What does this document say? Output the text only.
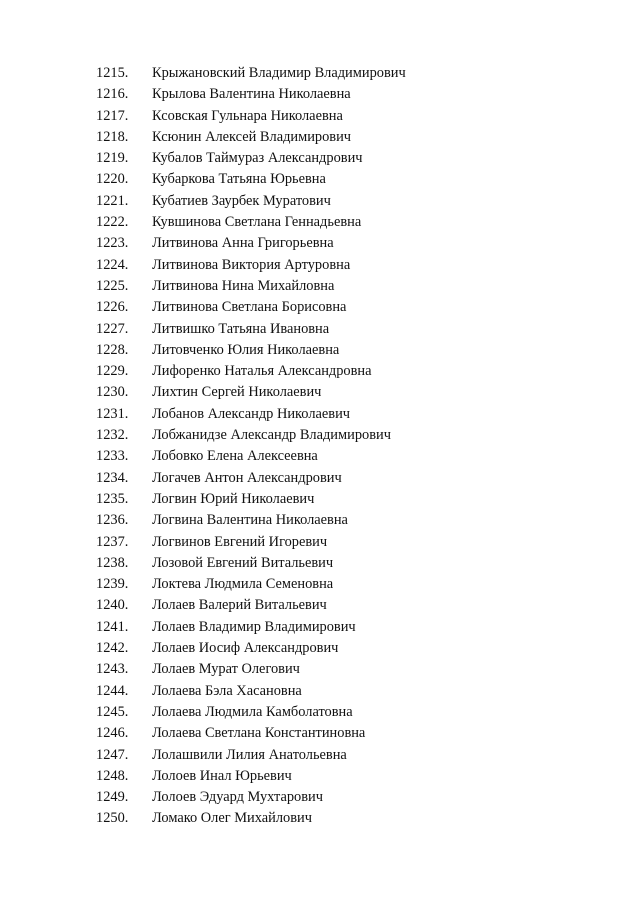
1215. Крыжановский Владимир Владимирович
1216. Крылова Валентина Николаевна
1217. Ксовская Гульнара Николаевна
1218. Ксюнин Алексей Владимирович
1219. Кубалов Таймураз Александрович
1220. Кубаркова Татьяна Юрьевна
1221. Кубатиев Заурбек Муратович
1222. Кувшинова Светлана Геннадьевна
1223. Литвинова Анна Григорьевна
1224. Литвинова Виктория Артуровна
1225. Литвинова Нина Михайловна
1226. Литвинова Светлана Борисовна
1227. Литвишко Татьяна Ивановна
1228. Литовченко Юлия Николаевна
1229. Лифоренко Наталья Александровна
1230. Лихтин Сергей Николаевич
1231. Лобанов Александр Николаевич
1232. Лобжанидзе Александр Владимирович
1233. Лобовко Елена Алексеевна
1234. Логачев Антон Александрович
1235. Логвин Юрий Николаевич
1236. Логвина Валентина Николаевна
1237. Логвинов Евгений Игоревич
1238. Лозовой Евгений Витальевич
1239. Локтева Людмила Семеновна
1240. Лолаев Валерий Витальевич
1241. Лолаев Владимир Владимирович
1242. Лолаев Иосиф Александрович
1243. Лолаев Мурат Олегович
1244. Лолаева Бэла Хасановна
1245. Лолаева Людмила Камболатовна
1246. Лолаева Светлана Константиновна
1247. Лолашвили Лилия Анатольевна
1248. Лолоев Инал Юрьевич
1249. Лолоев Эдуард Мухтарович
1250. Ломако Олег Михайлович
